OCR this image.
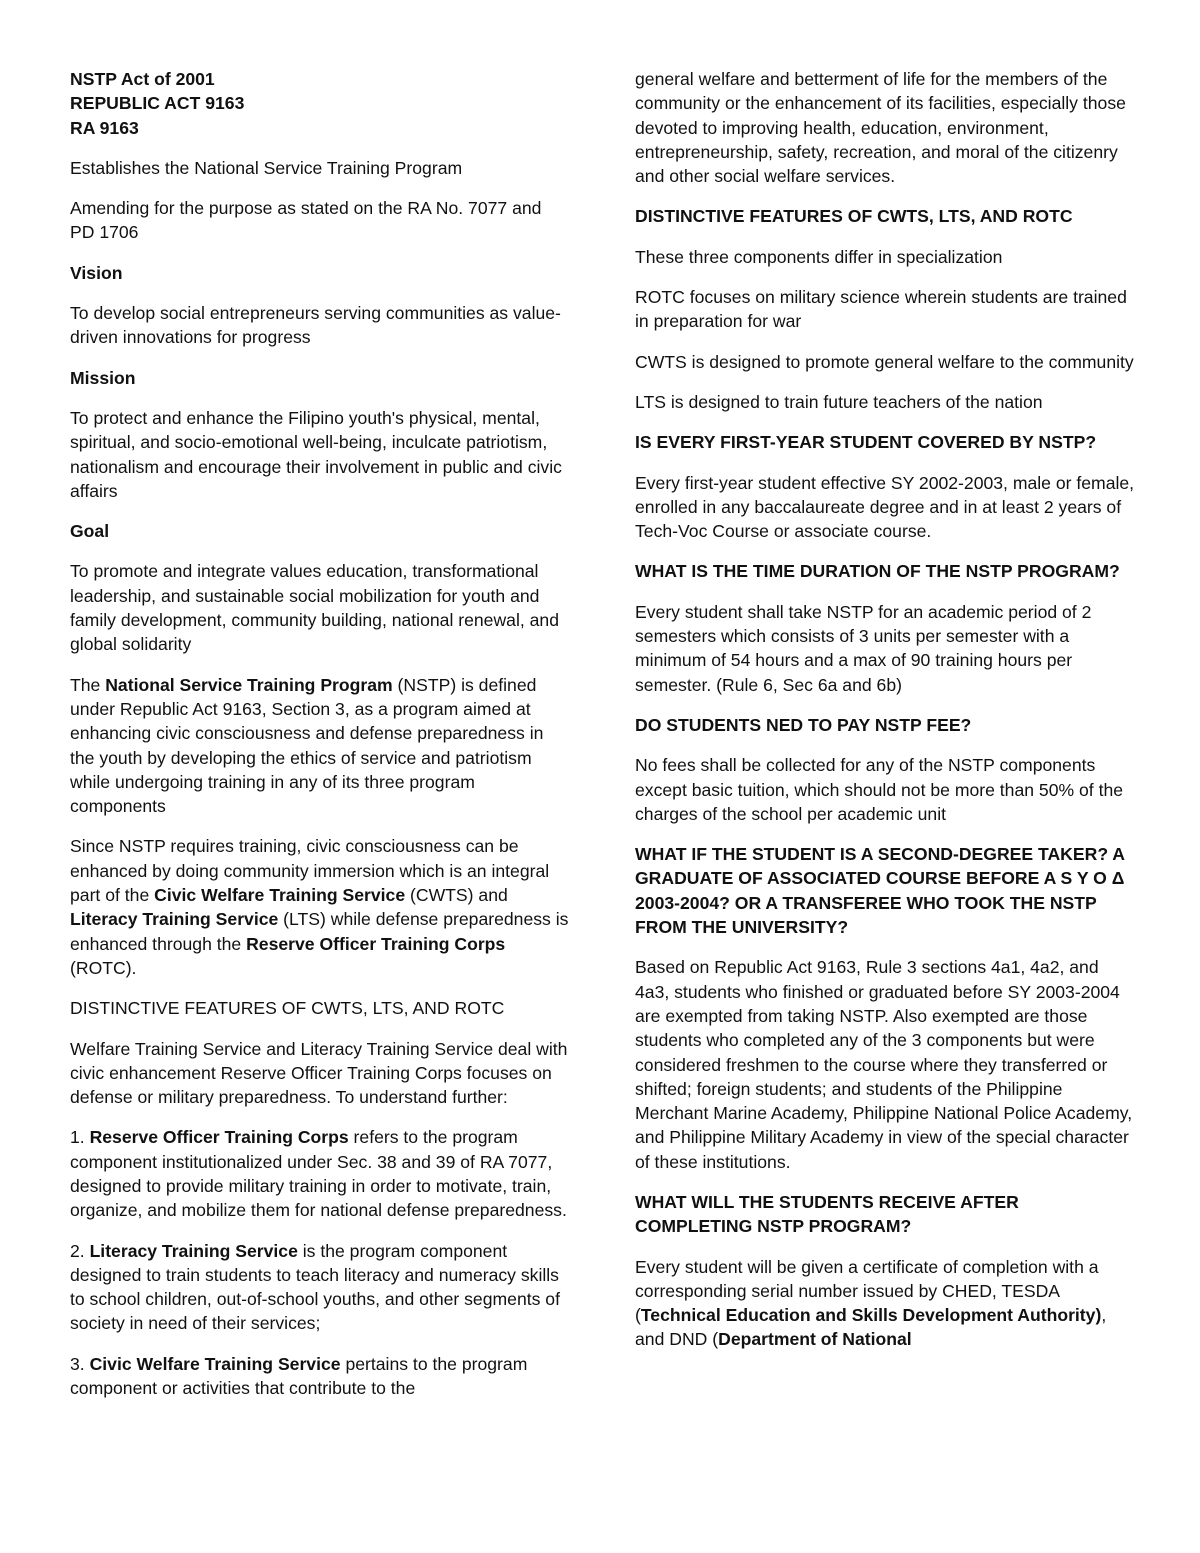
NSTP Act of 2001

REPUBLIC ACT 9163

RA 9163

Establishes the National Service Training Program

Amending for the purpose as stated on the RA No. 7077 and PD 1706

Vision

To develop social entrepreneurs serving communities as value-driven innovations for progress

Mission

To protect and enhance the Filipino youth's physical, mental, spiritual, and socio-emotional well-being, inculcate patriotism, nationalism and encourage their involvement in public and civic affairs

Goal

To promote and integrate values education, transformational leadership, and sustainable social mobilization for youth and family development, community building, national renewal, and global solidarity

The National Service Training Program (NSTP) is defined under Republic Act 9163, Section 3, as a program aimed at enhancing civic consciousness and defense preparedness in the youth by developing the ethics of service and patriotism while undergoing training in any of its three program components

Since NSTP requires training, civic consciousness can be enhanced by doing community immersion which is an integral part of the Civic Welfare Training Service (CWTS) and Literacy Training Service (LTS) while defense preparedness is enhanced through the Reserve Officer Training Corps (ROTC).

DISTINCTIVE FEATURES OF CWTS, LTS, AND ROTC

Welfare Training Service and Literacy Training Service deal with civic enhancement Reserve Officer Training Corps focuses on defense or military preparedness. To understand further:

1. Reserve Officer Training Corps refers to the program component institutionalized under Sec. 38 and 39 of RA 7077, designed to provide military training in order to motivate, train, organize, and mobilize them for national defense preparedness.

2. Literacy Training Service is the program component designed to train students to teach literacy and numeracy skills to school children, out-of-school youths, and other segments of society in need of their services;

3. Civic Welfare Training Service pertains to the program component or activities that contribute to the

general welfare and betterment of life for the members of the community or the enhancement of its facilities, especially those devoted to improving health, education, environment, entrepreneurship, safety, recreation, and moral of the citizenry and other social welfare services.

DISTINCTIVE FEATURES OF CWTS, LTS, AND ROTC

These three components differ in specialization

ROTC focuses on military science wherein students are trained in preparation for war

CWTS is designed to promote general welfare to the community

LTS is designed to train future teachers of the nation

IS EVERY FIRST-YEAR STUDENT COVERED BY NSTP?

Every first-year student effective SY 2002-2003, male or female, enrolled in any baccalaureate degree and in at least 2 years of Tech-Voc Course or associate course.

WHAT IS THE TIME DURATION OF THE NSTP PROGRAM?

Every student shall take NSTP for an academic period of 2 semesters which consists of 3 units per semester with a minimum of 54 hours and a max of 90 training hours per semester. (Rule 6, Sec 6a and 6b)

DO STUDENTS NED TO PAY NSTP FEE?

No fees shall be collected for any of the NSTP components except basic tuition, which should not be more than 50% of the charges of the school per academic unit

WHAT IF THE STUDENT IS A SECOND-DEGREE TAKER? A GRADUATE OF ASSOCIATED COURSE BEFORE A S Y O Δ 2003-2004? OR A TRANSFEREE WHO TOOK THE NSTP FROM THE UNIVERSITY?

Based on Republic Act 9163, Rule 3 sections 4a1, 4a2, and 4a3, students who finished or graduated before SY 2003-2004 are exempted from taking NSTP. Also exempted are those students who completed any of the 3 components but were considered freshmen to the course where they transferred or shifted; foreign students; and students of the Philippine Merchant Marine Academy, Philippine National Police Academy, and Philippine Military Academy in view of the special character of these institutions.

WHAT WILL THE STUDENTS RECEIVE AFTER COMPLETING NSTP PROGRAM?

Every student will be given a certificate of completion with a corresponding serial number issued by CHED, TESDA (Technical Education and Skills Development Authority), and DND (Department of National
